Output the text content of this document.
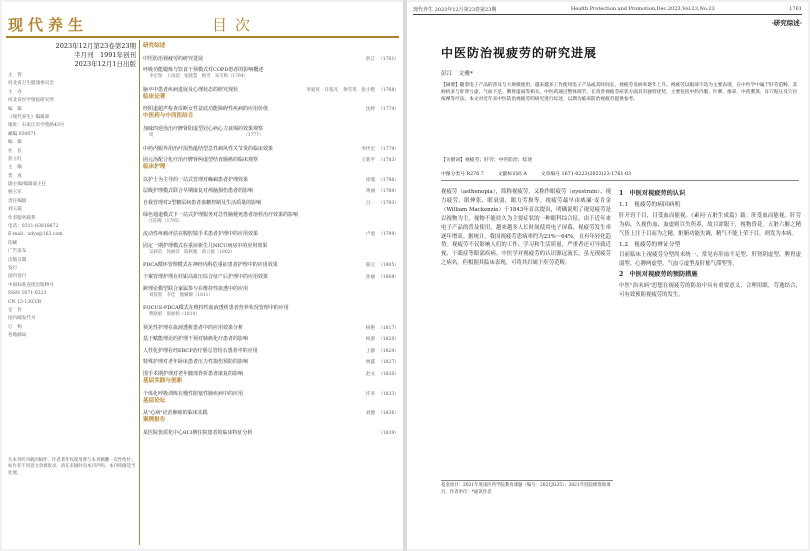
现代养生	目次
2023年12月第23卷第23期
半月刊　1991年创刊
2023年12月1日出版
主　管
河北省卫生健康委员会
主　办
河北省医学情报研究所
编　辑
《现代养生》编辑部
地址：石家庄市学苑路43号
邮编 050071
编　辑
社　长
彭立红
主　编
贺　真
副主编/编辑部主任
杨玉军
责任编辑
刘玉霞
作者服务联系
电话：0311-83818672
E-mail：xdys@163.com
印刷
广告发布
出版日期
发行
国内发行
中国标准连续出版物号
ISSN 1671-0223
CN 13-1303/R
定　价
国内邮发代号
订　购
各地邮局
凡本刊所刊载的稿件，作者著作权使用费与本刊稿酬一次性给付；如作者不同意文章被收录，请在来稿时向本刊声明，本刊将做适当处理。
研究综述
中医防治视疲劳的研究进展	彭江 （1761）
呼吸功能锻炼与饮食干预模式对COPD患者的影响概述
李宏瑞　王雨超　张晓慧　梅雪　朱雪梅（1764）
脑卒中患者疾病进展及心理状态的研究现状	李爱侠　许依凡　黄雪英　张小艳 （1768）
临床论著
经阴道超声检查诊断女性盆底功能障碍性疾病的应用价值	沈婷 （1774）
中医药与中西医结合
加味四逆汤治疗脾肾阳虚型冠心病心力衰竭的效果观察
周　　　　　　　　　　　　　　　　　　　　　（1777）
中药内服外用治疗湿热蕴结型急性痛风性关节炎的临床效果	李传宏 （1779）
固元汤配合化疗治疗脾肾两虚型结直肠癌的临床观察	王新平 （1783）
临床护理
以护士为主导的一站式管理对癫痫患者护理效果	徐瑾 （1786）
层级护理模式联合早期康复对颅脑损伤患者的影响	黄丽 （1789）
自我管理对2型糖尿病患者血糖控制及生活质量的影响	吕一 （1793）
绿色通道模式下一站式护理服务对急性脑梗死患者溶栓治疗效果的影响
庄阳晖（1795）
流动性疼痛评估在腹腔镜手术患者护理中的应用效果	卢旭 （1799）
固定一期护理模式在重症新生儿NICU病房中的应用效果
吴莉苗　汤丽萍　陈秋媛　俞立媛（1802）
PDCA循环管理模式在神经内科危重症患者护理中的应用效果	陈宝 （1805）
个案管理护理在妊娠高血压综合征产后护理中的应用效果	孙丽 （1808）
跨理论模型联合家属参与在维持性血透中的应用
刘蓉蓉　李佳　甄姗姗（1811）
FOCUS-PDCA模式在维持性血液透析患者营养状况管理中的应用
曹晓娟　倪丽娟（1814）
预见性护理在血液透析患者中的应用效果分析	杨艳 （1817）
基于赋能理论的护理干预对肺癌化疗患者的影响	杨蕾 （1820）
人性化护理在经ERCP治疗胆总管结石患者中的应用	王静 （1824）
特殊护理对老年卧床患者压力性损伤预防的影响	林鑫 （1827）
围手术期护理对老年髋部骨折患者康复的影响	赵文 （1830）
基层实践与创新
个体化呼吸训练在慢性阻塞性肺疾病中的应用	许李 （1833）
基层论坛
从"心病"论治肺癌的临床实践	刘德 （1836）
案例报告
某医院优质化中心813例住院患者的临床特征分析	（1839）
现代养生 2023年12月第23卷第23期	Health Protection and Promotion,Dec.2023,Vol.23,No.23	1761
·研究综述·
中医防治视疲劳的研究进展
彭江　文雅*
【摘要】随着电子产品的普及与大规模使用，越来越多工作使用电子产品或其时间长，视疲劳发病率逐年上升。视疲劳以眼部不适为主要表现，在中医学中属于肝劳范畴，其病机多与肝肾亏虚、气血不足、脾胃虚弱等相关。中医药通过整体调节，在改善视疲劳症状方面具有独特优势，主要包括中药内服、针刺、推拿、中药熏蒸、耳穴贴压及穴位按摩等疗法。本文对近年来中医防治视疲劳的研究进行综述，以期为临床防治视疲劳提供参考。
【关键词】视疲劳；肝劳；中医防治；综述
中图分类号 R276.7	文献标识码 A	文章编号 1671-0223(2023)23-1761-03
视疲劳（asthenopia），简称视疲劳，又称作眼疲劳（eyestrain）、视力疲劳、眼伸张、眼衰弱，眼力劳损等。视疲劳最早由威廉·麦肯金（William Mackenzie）于1843年首次提出，明确说明了视觉疲劳是以视物为主，视物不能持久为主要症状的一种眼科综合征，由于近年来电子产品的普及使用，越来越多人长时间使用电子屏幕，视疲劳发生率逐年增高。据统计，我国视疲劳患病率约为23%～64%，且有年轻化趋势。视疲劳不仅影响人们的工作、学习和生活质量，严重者还可导致近视、干眼症等眼部疾病。中医学对视疲劳的认识源远流长，虽无视疲劳之病名，但根据其临床表现，可将其归属于肝劳范畴。
1　中医对视疲劳的认识
1.1　视疲劳的病因病机
肝开窍于目，目受血而能视。《素问·五脏生成篇》载：肝受血而能视。肝劳为病，久视伤血，血虚则目失所养，故目涩眼干，视物昏花。五脏六腑之精气皆上注于目而为之精，脏腑功能失调，精气不能上荣于目，则发为本病。
1.2　视疲劳的辨证分型
目前临床上视疲劳分型尚未统一，常见有肝血不足型、肝肾阴虚型、脾胃虚弱型、心脾两虚型、气血亏虚型及肝郁气滞型等。
2　中医对视疲劳的预防措施
中医"治未病"思想在视疲劳的防治中具有重要意义，合理用眼，劳逸结合，可有效预防视疲劳的发生。
基金项目：2021年度南医药学院教育课题（编号：2021JG35）；2021年度院级资助项目。作者单位：*通讯作者
